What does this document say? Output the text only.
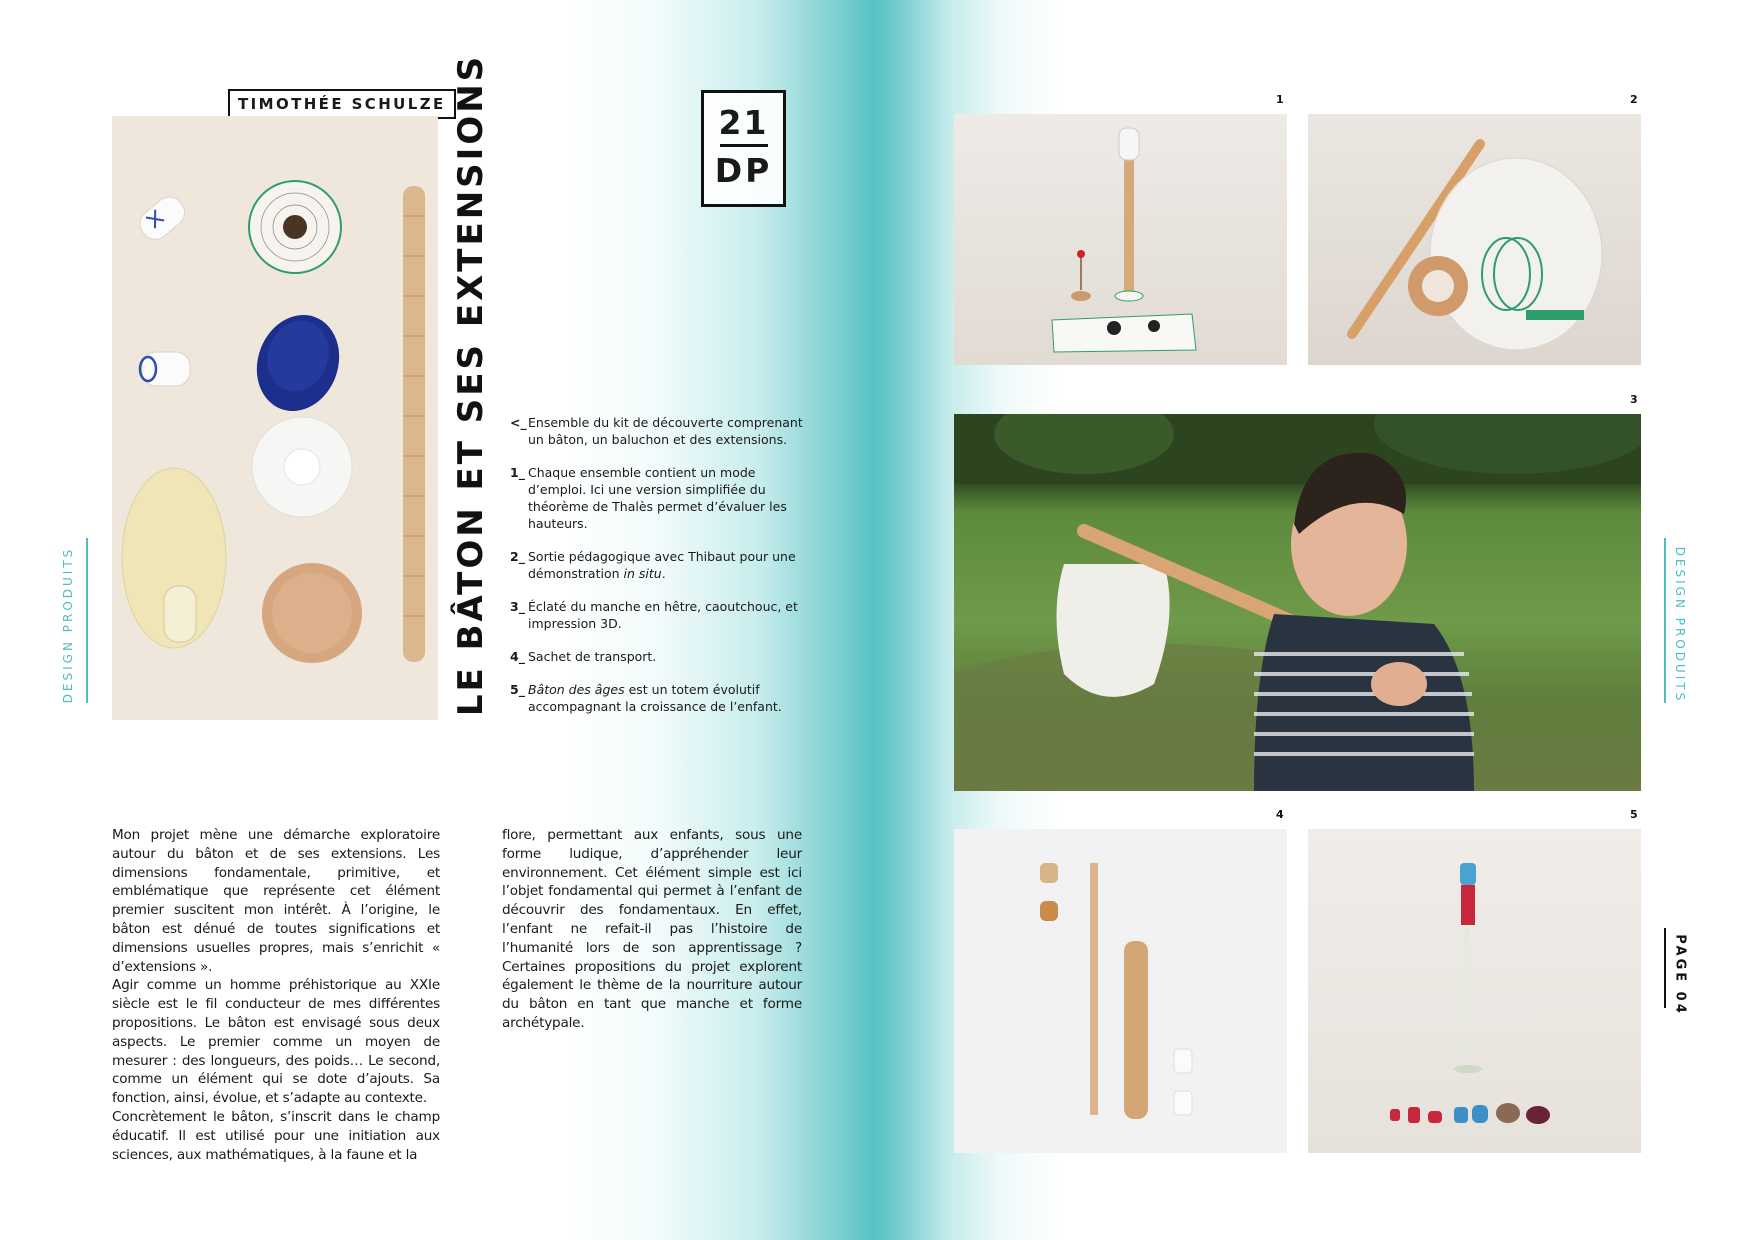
TIMOTHÉE SCHULZE LE BÂTON ET SES EXTENSIONS	21
DP
DESIGN PRODUITS	DESIGN PRODUITS
PAGE 04
<_ Ensemble du kit de découverte comprenant un bâton, un baluchon et des extensions.
1_ Chaque ensemble contient un mode d’emploi. Ici une version simplifiée du théorème de Thalès permet d’évaluer les hauteurs.
2_ Sortie pédagogique avec Thibaut pour une démonstration in situ.
3_ Éclaté du manche en hêtre, caoutchouc, et impression 3D.
4_ Sachet de transport.
5_ Bâton des âges est un totem évolutif accompagnant la croissance de l’enfant.

Mon projet mène une démarche exploratoire autour du bâton et de ses extensions. Les dimensions fondamentale, primitive, et emblématique que représente cet élément premier suscitent mon intérêt. À l’origine, le bâton est dénué de toutes significations et dimensions usuelles propres, mais s’enrichit « d’extensions ».

Agir comme un homme préhistorique au XXIe siècle est le fil conducteur de mes différentes propositions. Le bâton est envisagé sous deux aspects. Le premier comme un moyen de mesurer : des longueurs, des poids… Le second, comme un élément qui se dote d’ajouts. Sa fonction, ainsi, évolue, et s’adapte au contexte.

Concrètement le bâton, s’inscrit dans le champ éducatif. Il est utilisé pour une initiation aux sciences, aux mathématiques, à la faune et la

flore, permettant aux enfants, sous une forme ludique, d’appréhender leur environnement. Cet élément simple est ici l’objet fondamental qui permet à l’enfant de découvrir des fondamentaux. En effet, l’enfant ne refait-il pas l’histoire de l’humanité lors de son apprentissage ? Certaines propositions du projet explorent également le thème de la nourriture autour du bâton en tant que manche et forme archétypale.

1	2
3
4	5
